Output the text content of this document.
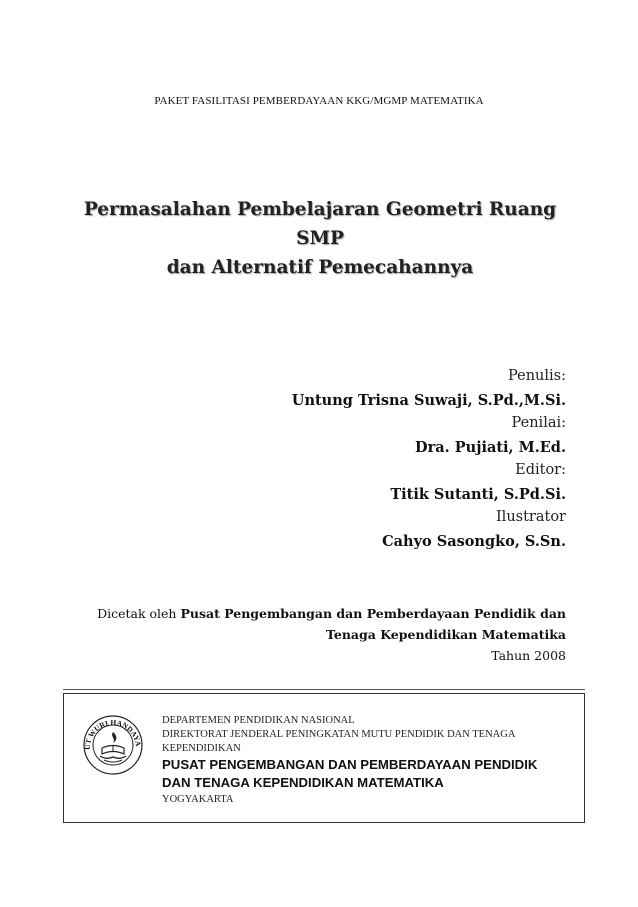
PAKET FASILITASI PEMBERDAYAAN KKG/MGMP MATEMATIKA
Permasalahan Pembelajaran Geometri Ruang SMP
dan Alternatif Pemecahannya
Penulis:
Untung Trisna Suwaji, S.Pd.,M.Si.
Penilai:
Dra. Pujiati, M.Ed.
Editor:
Titik Sutanti, S.Pd.Si.
Ilustrator
Cahyo Sasongko, S.Sn.
Dicetak oleh Pusat Pengembangan dan Pemberdayaan Pendidik dan
Tenaga Kependidikan Matematika
Tahun 2008
UT WURI HANDAYA
DEPARTEMEN PENDIDIKAN NASIONAL
DIREKTORAT JENDERAL PENINGKATAN MUTU PENDIDIK DAN TENAGA
KEPENDIDIKAN
PUSAT PENGEMBANGAN DAN PEMBERDAYAAN PENDIDIK
DAN TENAGA KEPENDIDIKAN MATEMATIKA
YOGYAKARTA
